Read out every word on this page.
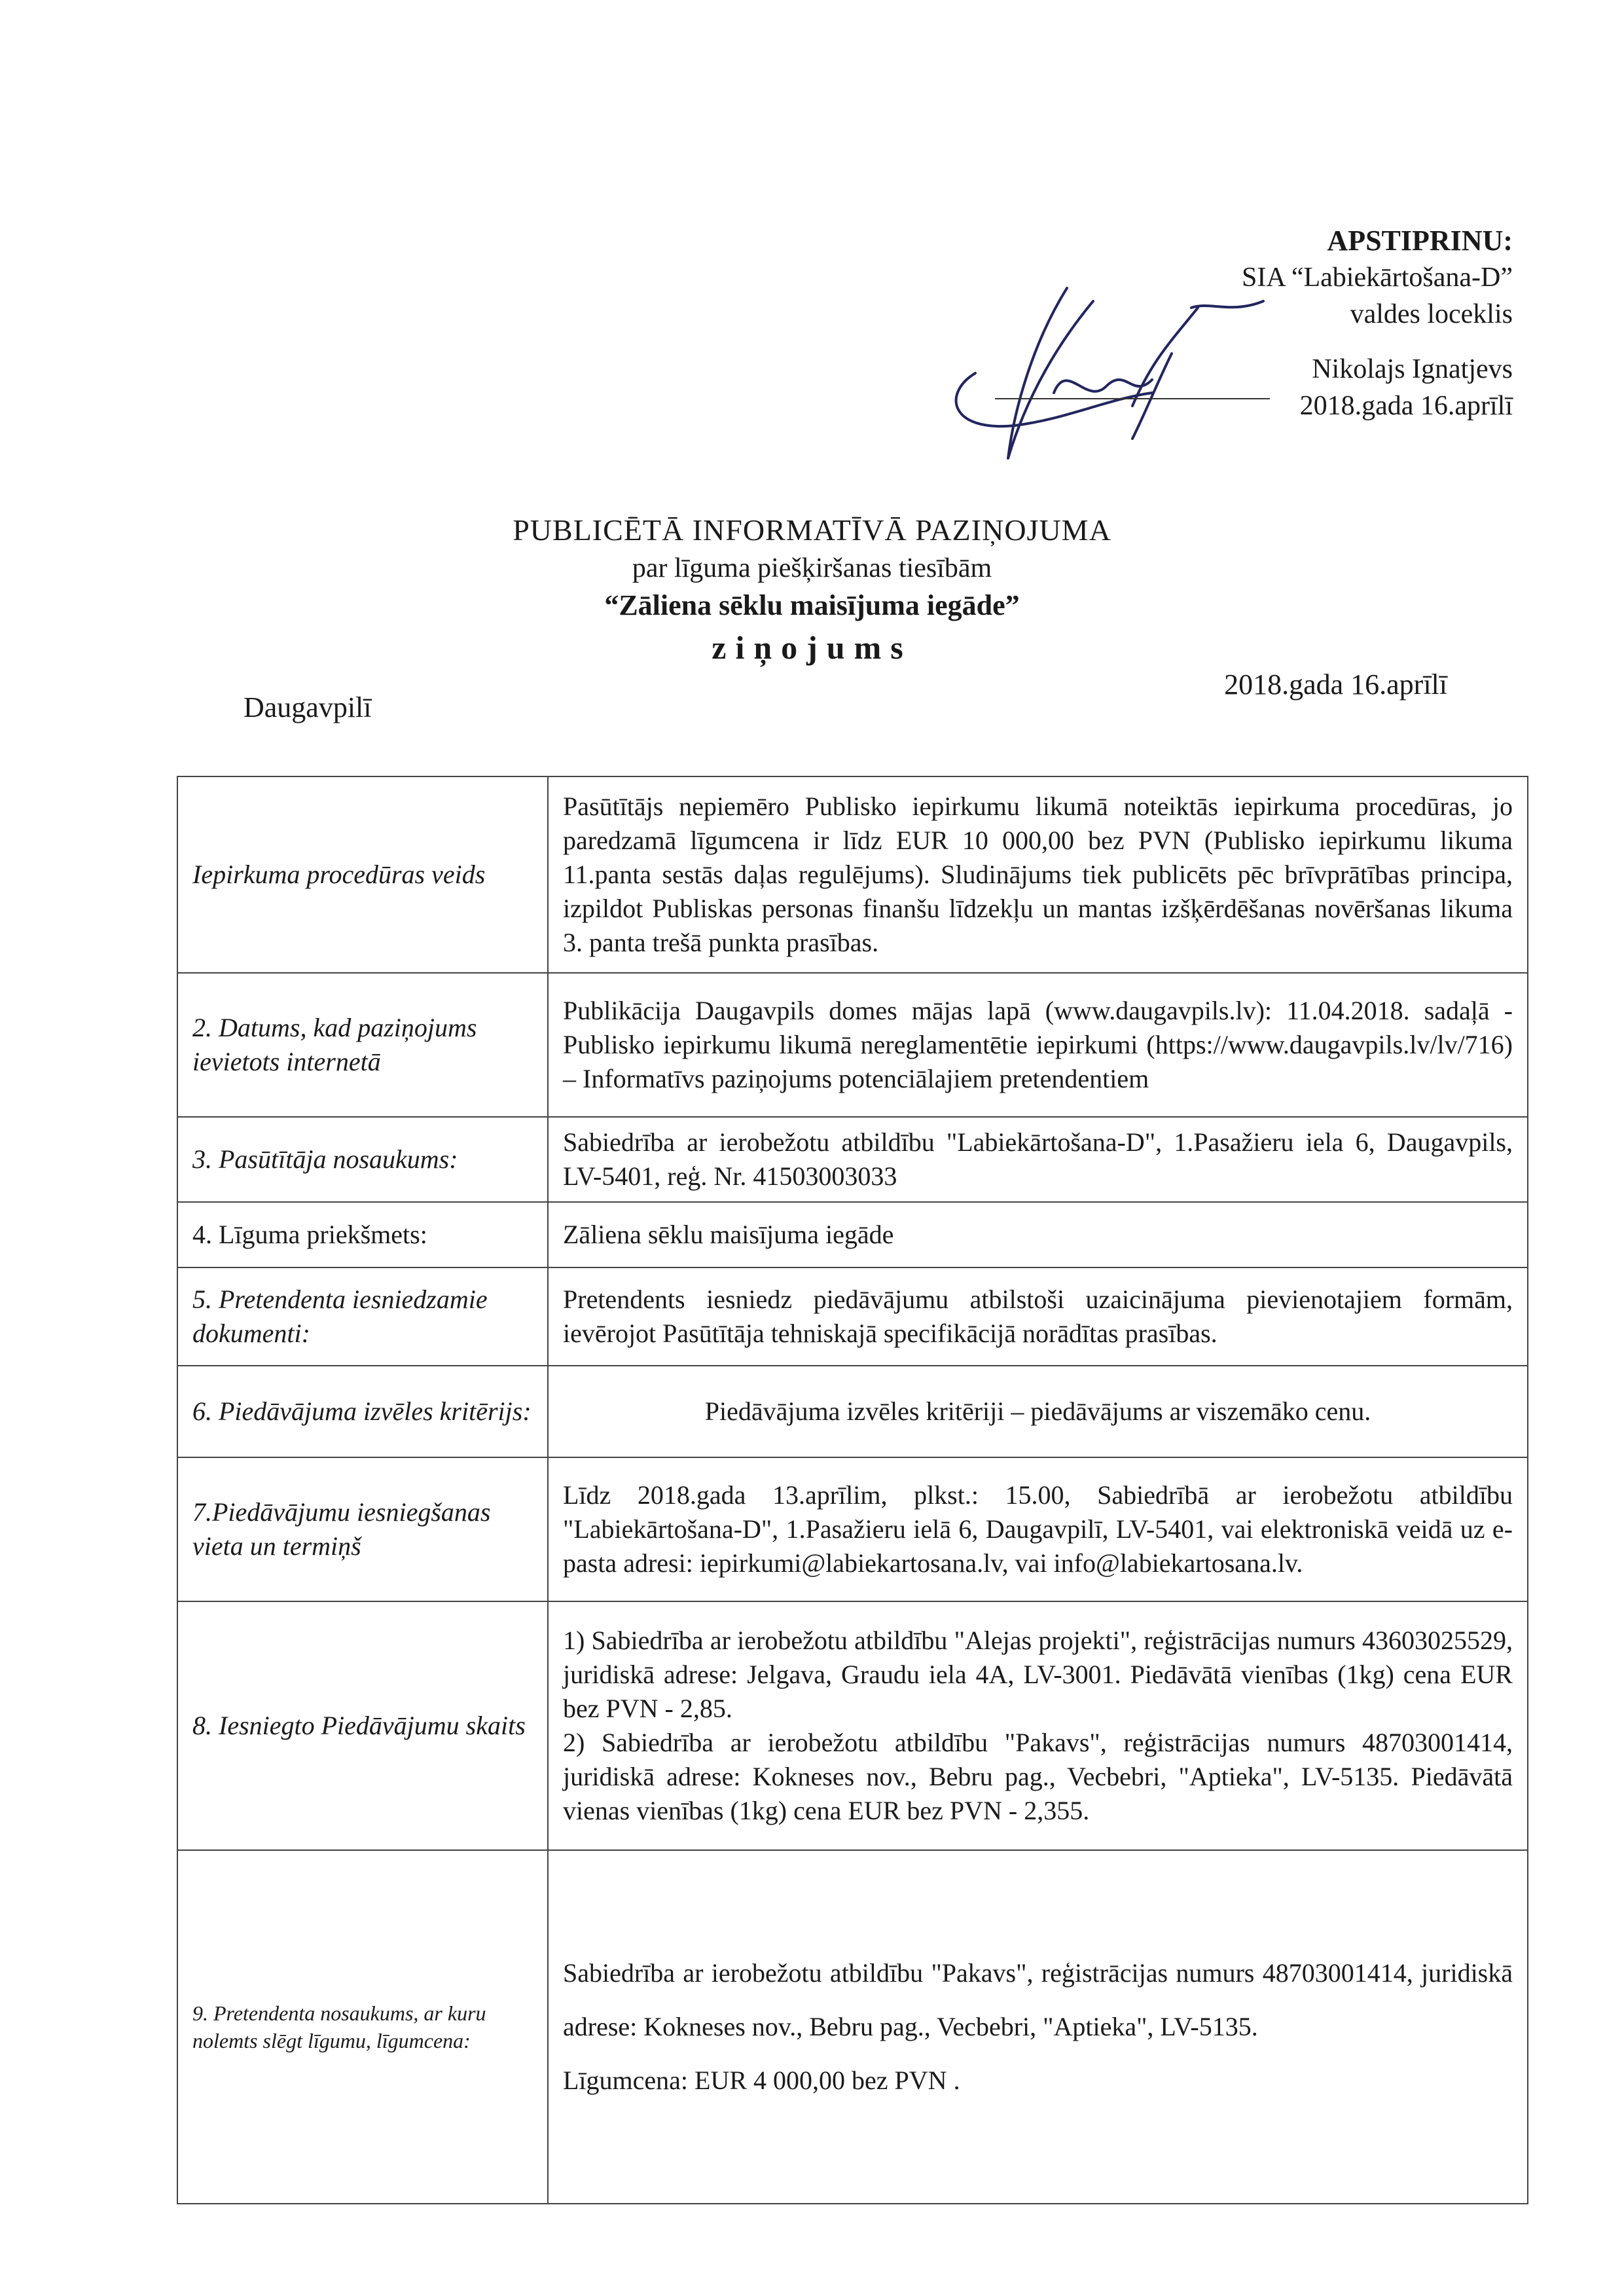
APSTIPRINU:
SIA “Labiekārtošana-D”
valdes loceklis
Nikolajs Ignatjevs
2018.gada 16.aprīlī
PUBLICĒTĀ INFORMATĪVĀ PAZIŅOJUMA
par līguma piešķiršanas tiesībām
“Zāliena sēklu maisījuma iegāde”
ziņojums
Daugavpilī
2018.gada 16.aprīlī
Iepirkuma procedūras veids	Pasūtītājs nepiemēro Publisko iepirkumu likumā noteiktās iepirkuma procedūras, jo paredzamā līgumcena ir līdz EUR 10 000,00 bez PVN (Publisko iepirkumu likuma 11.panta sestās daļas regulējums). Sludinājums tiek publicēts pēc brīvprātības principa, izpildot Publiskas personas finanšu līdzekļu un mantas izšķērdēšanas novēršanas likuma 3. panta trešā punkta prasības.
2. Datums, kad paziņojums ievietots internetā	Publikācija Daugavpils domes mājas lapā (www.daugavpils.lv): 11.04.2018. sadaļā - Publisko iepirkumu likumā nereglamentētie iepirkumi (https://www.daugavpils.lv/lv/716) – Informatīvs paziņojums potenciālajiem pretendentiem
3. Pasūtītāja nosaukums:	Sabiedrība ar ierobežotu atbildību "Labiekārtošana-D", 1.Pasažieru iela 6, Daugavpils, LV-5401, reģ. Nr. 41503003033
4. Līguma priekšmets:	Zāliena sēklu maisījuma iegāde
5. Pretendenta iesniedzamie dokumenti:	Pretendents iesniedz piedāvājumu atbilstoši uzaicinājuma pievienotajiem formām, ievērojot Pasūtītāja tehniskajā specifikācijā norādītas prasības.
6. Piedāvājuma izvēles kritērijs:	Piedāvājuma izvēles kritēriji – piedāvājums ar viszemāko cenu.
7.Piedāvājumu iesniegšanas vieta un termiņš	Līdz 2018.gada 13.aprīlim, plkst.: 15.00, Sabiedrībā ar ierobežotu atbildību "Labiekārtošana-D", 1.Pasažieru ielā 6, Daugavpilī, LV-5401, vai elektroniskā veidā uz e-pasta adresi: iepirkumi@labiekartosana.lv, vai info@labiekartosana.lv.
8. Iesniegto Piedāvājumu skaits	1) Sabiedrība ar ierobežotu atbildību "Alejas projekti", reģistrācijas numurs 43603025529, juridiskā adrese: Jelgava, Graudu iela 4A, LV-3001. Piedāvātā vienības (1kg) cena EUR bez PVN - 2,85.
2) Sabiedrība ar ierobežotu atbildību "Pakavs", reģistrācijas numurs 48703001414, juridiskā adrese: Kokneses nov., Bebru pag., Vecbebri, "Aptieka", LV-5135. Piedāvātā vienas vienības (1kg) cena EUR bez PVN - 2,355.

9. Pretendenta nosaukums, ar kuru nolemts slēgt līgumu, līgumcena:	Sabiedrība ar ierobežotu atbildību "Pakavs", reģistrācijas numurs 48703001414, juridiskā adrese: Kokneses nov., Bebru pag., Vecbebri, "Aptieka", LV-5135.
Līgumcena: EUR 4 000,00 bez PVN .
